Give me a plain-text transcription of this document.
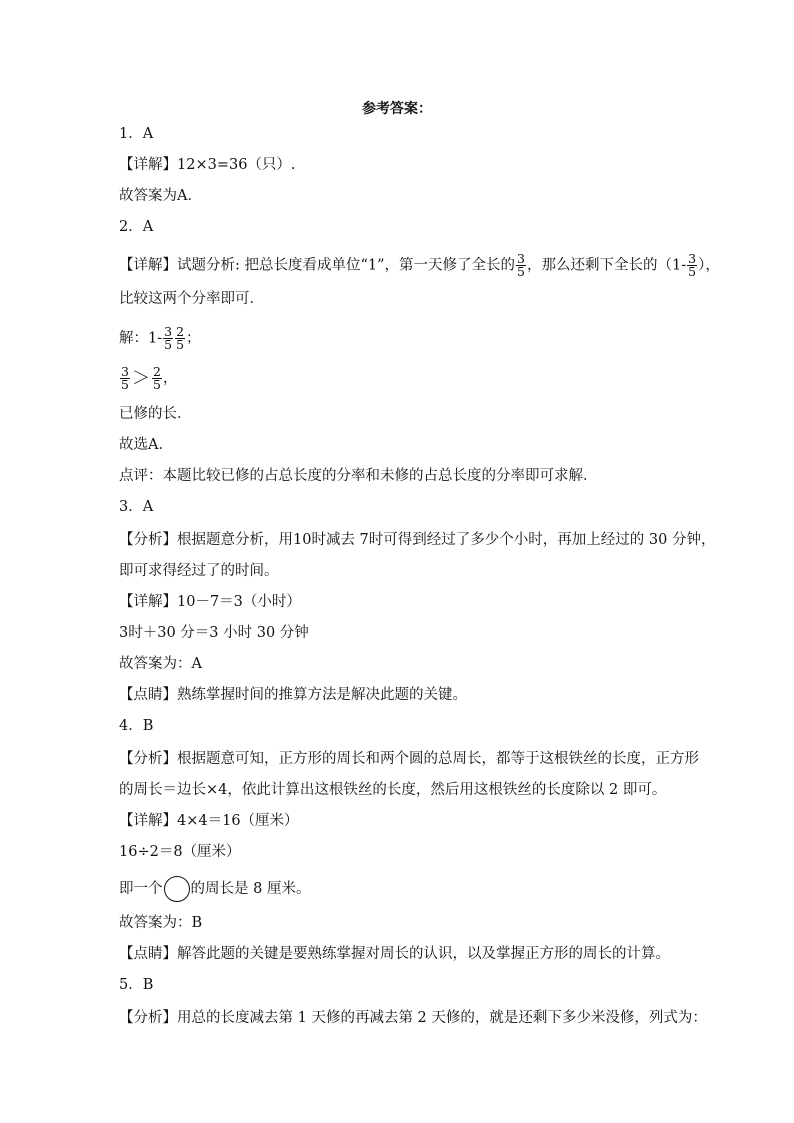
参考答案：
1．A
【详解】12×3=36（只）.
故答案为A．
2．A
【详解】试题分析: 把总长度看成单位“1”，第一天修了全长的 $\frac{3}{5}$ ，那么还剩下全长的（$1- \frac{3}{5}$ ），
比较这两个分率即可．
解：$1- \frac{3}{5} \frac{2}{5}$ ；
$\frac{3}{5} > \frac{2}{5}$ ，
已修的长．
故选A．
点评：本题比较已修的占总长度的分率和未修的占总长度的分率即可求解．
3．A
【分析】根据题意分析，用10时减去 7时可得到经过了多少个小时，再加上经过的 30 分钟，
即可求得经过了的时间。
【详解】10－7＝3（小时）
3时＋30 分＝3 小时 30 分钟
故答案为：A
【点睛】熟练掌握时间的推算方法是解决此题的关键。
4．B
【分析】根据题意可知，正方形的周长和两个圆的总周长，都等于这根铁丝的长度，正方形
的周长＝边长×4，依此计算出这根铁丝的长度，然后用这根铁丝的长度除以 2 即可。
【详解】4×4＝16（厘米）
16÷2＝8（厘米）
即一个 的周长是 8 厘米。
故答案为：B
【点睛】解答此题的关键是要熟练掌握对周长的认识，以及掌握正方形的周长的计算。
5．B
【分析】用总的长度减去第 1 天修的再减去第 2 天修的，就是还剩下多少米没修，列式为：
